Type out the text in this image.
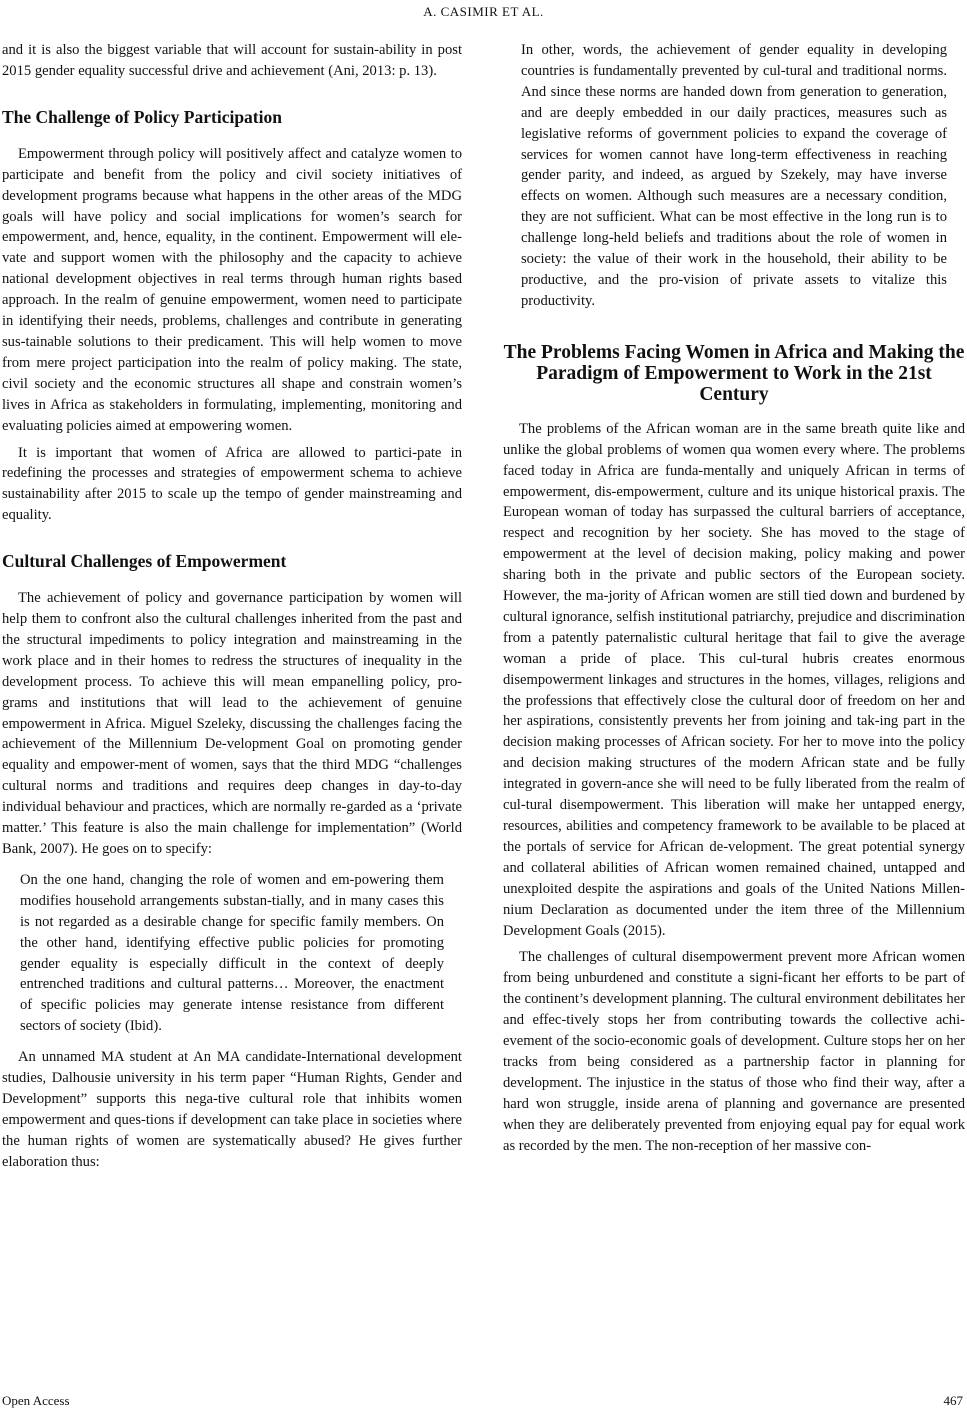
A. CASIMIR ET AL.

and it is also the biggest variable that will account for sustain-ability in post 2015 gender equality successful drive and achievement (Ani, 2013: p. 13).

The Challenge of Policy Participation

Empowerment through policy will positively affect and catalyze women to participate and benefit from the policy and civil society initiatives of development programs because what happens in the other areas of the MDG goals will have policy and social implications for women’s search for empowerment, and, hence, equality, in the continent. Empowerment will ele-vate and support women with the philosophy and the capacity to achieve national development objectives in real terms through human rights based approach. In the realm of genuine empowerment, women need to participate in identifying their needs, problems, challenges and contribute in generating sus-tainable solutions to their predicament. This will help women to move from mere project participation into the realm of policy making. The state, civil society and the economic structures all shape and constrain women’s lives in Africa as stakeholders in formulating, implementing, monitoring and evaluating policies aimed at empowering women.

It is important that women of Africa are allowed to partici-pate in redefining the processes and strategies of empowerment schema to achieve sustainability after 2015 to scale up the tempo of gender mainstreaming and equality.

Cultural Challenges of Empowerment

The achievement of policy and governance participation by women will help them to confront also the cultural challenges inherited from the past and the structural impediments to policy integration and mainstreaming in the work place and in their homes to redress the structures of inequality in the development process. To achieve this will mean empanelling policy, pro-grams and institutions that will lead to the achievement of genuine empowerment in Africa. Miguel Szeleky, discussing the challenges facing the achievement of the Millennium De-velopment Goal on promoting gender equality and empower-ment of women, says that the third MDG “challenges cultural norms and traditions and requires deep changes in day-to-day individual behaviour and practices, which are normally re-garded as a ‘private matter.’ This feature is also the main challenge for implementation” (World Bank, 2007). He goes on to specify:

On the one hand, changing the role of women and em-powering them modifies household arrangements substan-tially, and in many cases this is not regarded as a desirable change for specific family members. On the other hand, identifying effective public policies for promoting gender equality is especially difficult in the context of deeply entrenched traditions and cultural patterns… Moreover, the enactment of specific policies may generate intense resistance from different sectors of society (Ibid).

An unnamed MA student at An MA candidate-International development studies, Dalhousie university in his term paper “Human Rights, Gender and Development” supports this nega-tive cultural role that inhibits women empowerment and ques-tions if development can take place in societies where the human rights of women are systematically abused? He gives further elaboration thus:

In other, words, the achievement of gender equality in developing countries is fundamentally prevented by cul-tural and traditional norms. And since these norms are handed down from generation to generation, and are deeply embedded in our daily practices, measures such as legislative reforms of government policies to expand the coverage of services for women cannot have long-term effectiveness in reaching gender parity, and indeed, as argued by Szekely, may have inverse effects on women. Although such measures are a necessary condition, they are not sufficient. What can be most effective in the long run is to challenge long-held beliefs and traditions about the role of women in society: the value of their work in the household, their ability to be productive, and the pro-vision of private assets to vitalize this productivity.

The Problems Facing Women in Africa and Making the Paradigm of Empowerment to Work in the 21st Century

The problems of the African woman are in the same breath quite like and unlike the global problems of women qua women every where. The problems faced today in Africa are funda-mentally and uniquely African in terms of empowerment, dis-empowerment, culture and its unique historical praxis. The European woman of today has surpassed the cultural barriers of acceptance, respect and recognition by her society. She has moved to the stage of empowerment at the level of decision making, policy making and power sharing both in the private and public sectors of the European society. However, the ma-jority of African women are still tied down and burdened by cultural ignorance, selfish institutional patriarchy, prejudice and discrimination from a patently paternalistic cultural heritage that fail to give the average woman a pride of place. This cul-tural hubris creates enormous disempowerment linkages and structures in the homes, villages, religions and the professions that effectively close the cultural door of freedom on her and her aspirations, consistently prevents her from joining and tak-ing part in the decision making processes of African society. For her to move into the policy and decision making structures of the modern African state and be fully integrated in govern-ance she will need to be fully liberated from the realm of cul-tural disempowerment. This liberation will make her untapped energy, resources, abilities and competency framework to be available to be placed at the portals of service for African de-velopment. The great potential synergy and collateral abilities of African women remained chained, untapped and unexploited despite the aspirations and goals of the United Nations Millen-nium Declaration as documented under the item three of the Millennium Development Goals (2015).

The challenges of cultural disempowerment prevent more African women from being unburdened and constitute a signi-ficant her efforts to be part of the continent’s development planning. The cultural environment debilitates her and effec-tively stops her from contributing towards the collective achi-evement of the socio-economic goals of development. Culture stops her on her tracks from being considered as a partnership factor in planning for development. The injustice in the status of those who find their way, after a hard won struggle, inside arena of planning and governance are presented when they are deliberately prevented from enjoying equal pay for equal work as recorded by the men. The non-reception of her massive con-

Open Access	467
